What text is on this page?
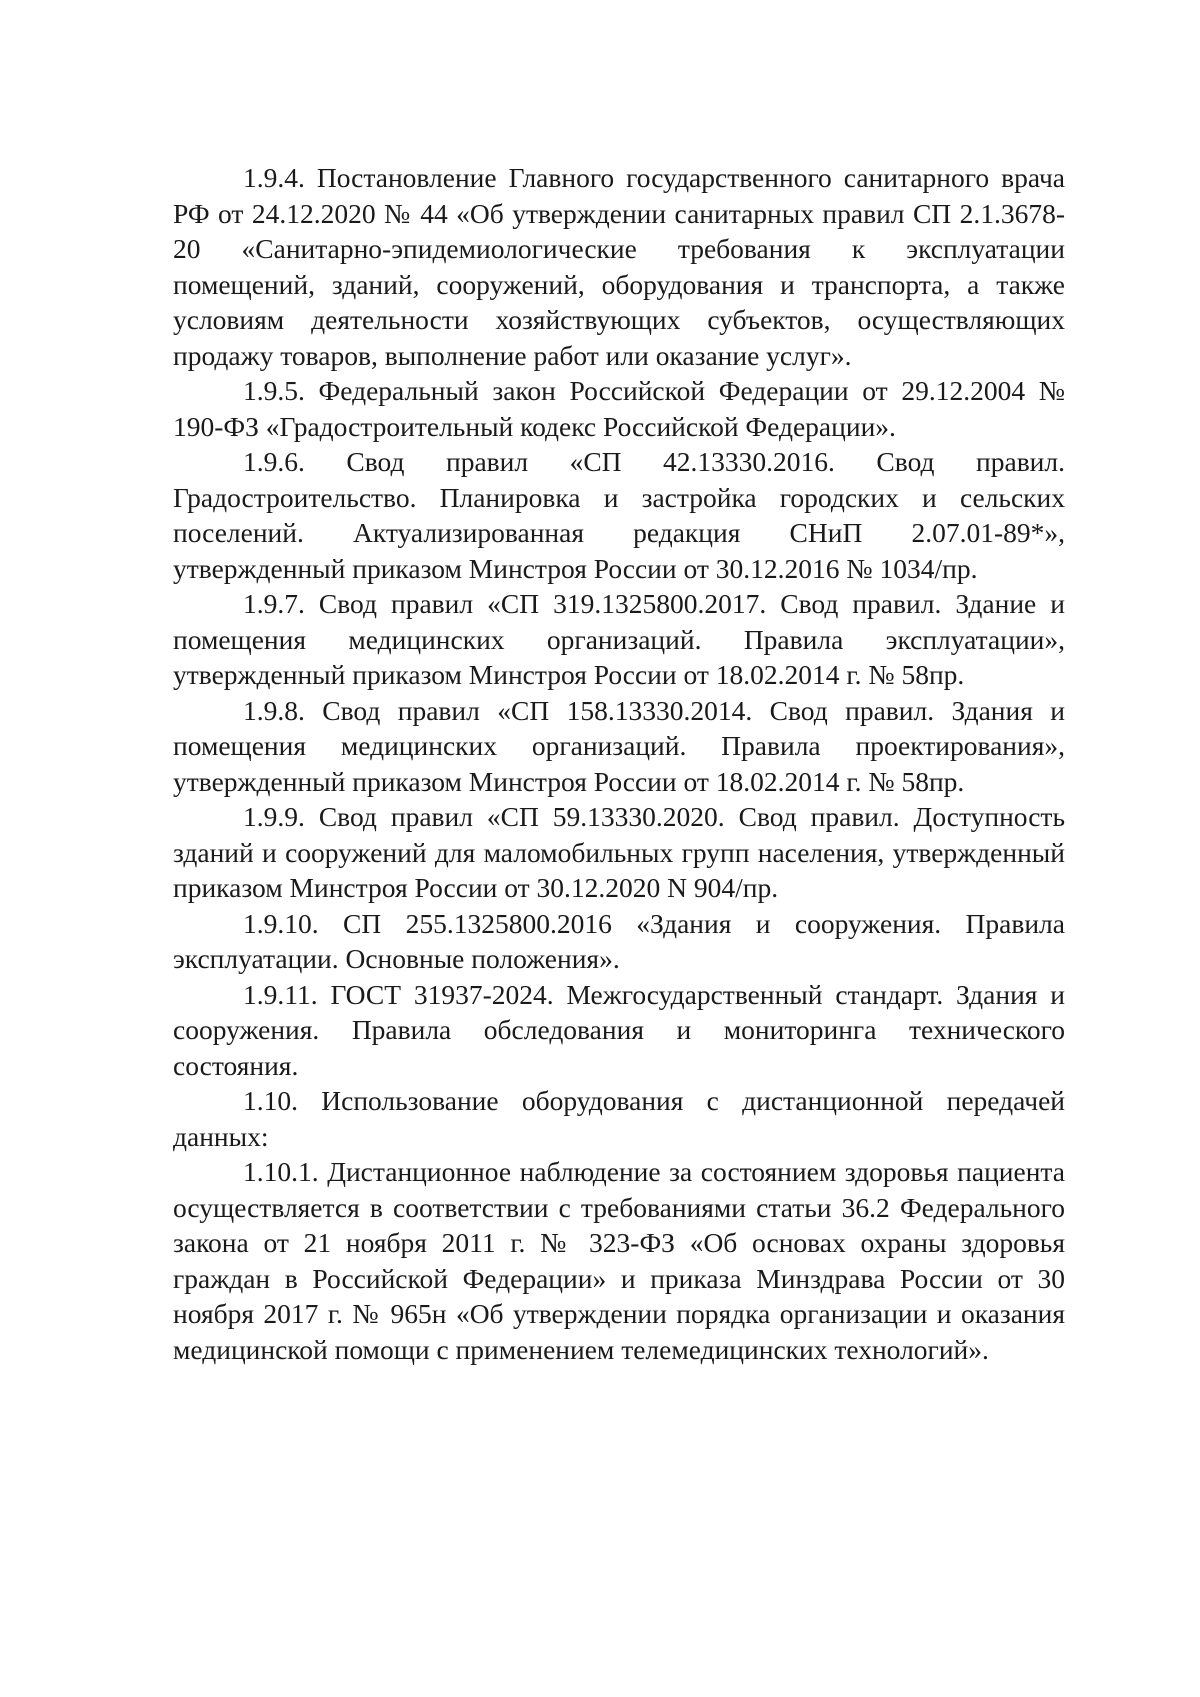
1.9.4. Постановление Главного государственного санитарного врача РФ от 24.12.2020 № 44 «Об утверждении санитарных правил СП 2.1.3678-20 «Санитарно-эпидемиологические требования к эксплуатации помещений, зданий, сооружений, оборудования и транспорта, а также условиям деятельности хозяйствующих субъектов, осуществляющих продажу товаров, выполнение работ или оказание услуг».

1.9.5. Федеральный закон Российской Федерации от 29.12.2004 № 190-ФЗ «Градостроительный кодекс Российской Федерации».

1.9.6. Свод правил «СП 42.13330.2016. Свод правил. Градостроительство. Планировка и застройка городских и сельских поселений. Актуализированная редакция СНиП 2.07.01-89*», утвержденный приказом Минстроя России от 30.12.2016 № 1034/пр.

1.9.7. Свод правил «СП 319.1325800.2017. Свод правил. Здание и помещения медицинских организаций. Правила эксплуатации», утвержденный приказом Минстроя России от 18.02.2014 г. № 58пр.

1.9.8. Свод правил «СП 158.13330.2014. Свод правил. Здания и помещения медицинских организаций. Правила проектирования», утвержденный приказом Минстроя России от 18.02.2014 г. № 58пр.

1.9.9. Свод правил «СП 59.13330.2020. Свод правил. Доступность зданий и сооружений для маломобильных групп населения, утвержденный приказом Минстроя России от 30.12.2020 N 904/пр.

1.9.10. СП 255.1325800.2016 «Здания и сооружения. Правила эксплуатации. Основные положения».

1.9.11. ГОСТ 31937-2024. Межгосударственный стандарт. Здания и сооружения. Правила обследования и мониторинга технического состояния.

1.10. Использование оборудования с дистанционной передачей данных:

1.10.1. Дистанционное наблюдение за состоянием здоровья пациента осуществляется в соответствии с требованиями статьи 36.2 Федерального закона от 21 ноября 2011 г. № 323-ФЗ «Об основах охраны здоровья граждан в Российской Федерации» и приказа Минздрава России от 30 ноября 2017 г. № 965н «Об утверждении порядка организации и оказания медицинской помощи с применением телемедицинских технологий».
